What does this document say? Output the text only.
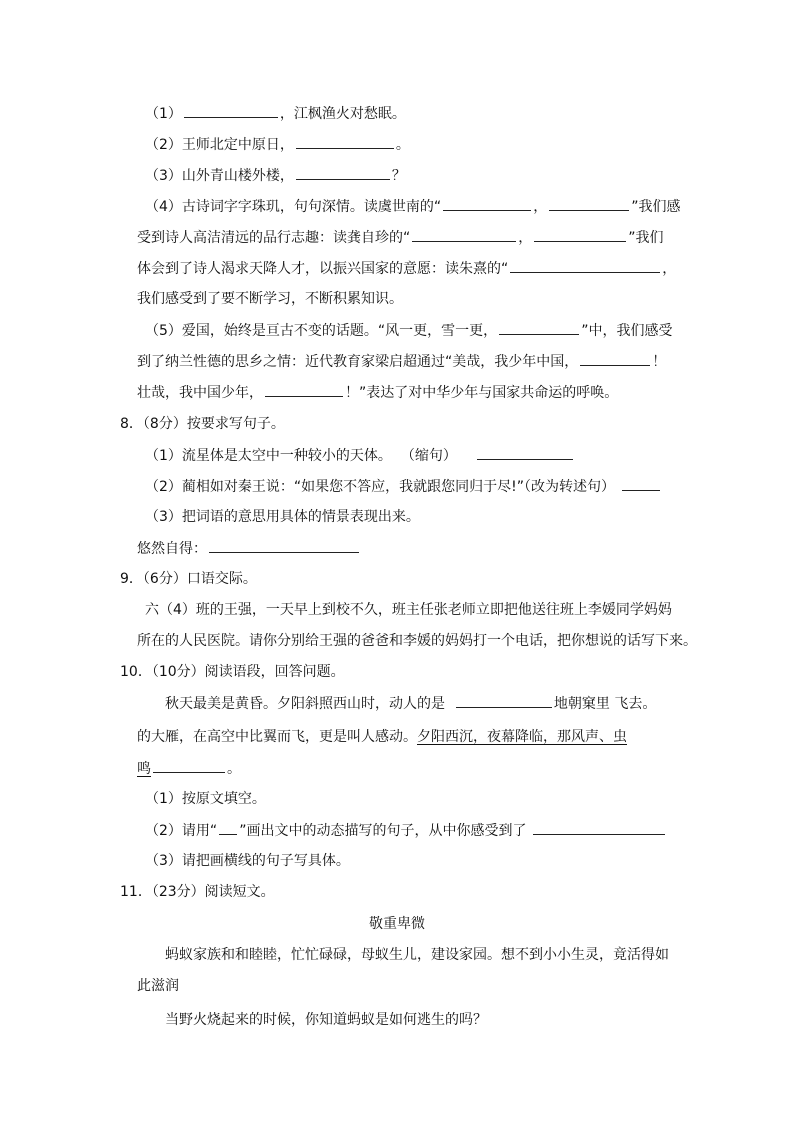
（1）	，江枫渔火对愁眠。
（2）王师北定中原日，	。
（3）山外青山楼外楼，	？
（4）古诗词字字珠玑，句句深情。读虞世南的“	，	”我们感
受到诗人高洁清远的品行志趣：读龚自珍的“	，	”我们
体会到了诗人渴求天降人才，以振兴国家的意愿：读朱熹的“	，
我们感受到了要不断学习，不断积累知识。
（5）爱国，始终是亘古不变的话题。“风一更，雪一更，	”中，我们感受
到了纳兰性德的思乡之情：近代教育家梁启超通过“美哉，我少年中国，	！
壮哉，我中国少年，	！”表达了对中华少年与国家共命运的呼唤。
8．（8分）按要求写句子。
（1）流星体是太空中一种较小的天体。 （缩句）
（2）蔺相如对秦王说：“如果您不答应，我就跟您同归于尽!”（改为转述句）
（3）把词语的意思用具体的情景表现出来。
悠然自得：
9．（6分）口语交际。
六（4）班的王强，一天早上到校不久，班主任张老师立即把他送往班上李媛同学妈妈
所在的人民医院。请你分别给王强的爸爸和李媛的妈妈打一个电话，把你想说的话写下来。
10．（10分）阅读语段，回答问题。
秋天最美是黄昏。夕阳斜照西山时，动人的是	地朝窠里 飞去。
的大雁，在高空中比翼而飞，更是叫人感动。夕阳西沉，夜幕降临，那风声、虫
鸣	。
（1）按原文填空。
（2）请用“ ”画出文中的动态描写的句子，从中你感受到了
（3）请把画横线的句子写具体。
11．（23分）阅读短文。
敬重卑微
蚂蚁家族和和睦睦，忙忙碌碌，母蚁生儿，建设家园。想不到小小生灵，竟活得如
此滋润
当野火烧起来的时候，你知道蚂蚁是如何逃生的吗？
